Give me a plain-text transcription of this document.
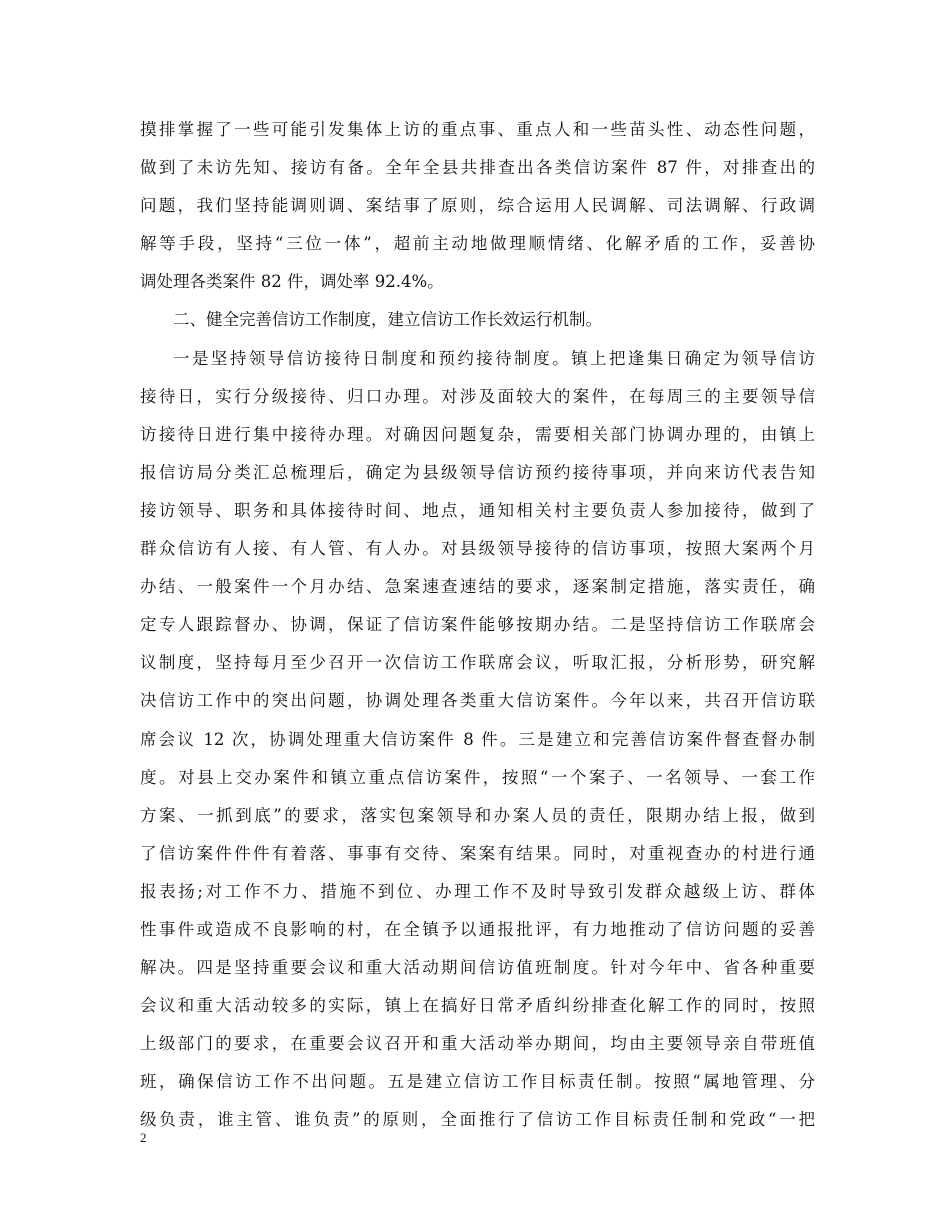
摸排掌握了一些可能引发集体上访的重点事、重点人和一些苗头性、动态性问题，
做到了未访先知、接访有备。全年全县共排查出各类信访案件 87 件，对排查出的
问题，我们坚持能调则调、案结事了原则，综合运用人民调解、司法调解、行政调
解等手段，坚持“三位一体”，超前主动地做理顺情绪、化解矛盾的工作，妥善协
调处理各类案件 82 件，调处率 92.4%。
二、健全完善信访工作制度，建立信访工作长效运行机制。
一是坚持领导信访接待日制度和预约接待制度。镇上把逢集日确定为领导信访
接待日，实行分级接待、归口办理。对涉及面较大的案件，在每周三的主要领导信
访接待日进行集中接待办理。对确因问题复杂，需要相关部门协调办理的，由镇上
报信访局分类汇总梳理后，确定为县级领导信访预约接待事项，并向来访代表告知
接访领导、职务和具体接待时间、地点，通知相关村主要负责人参加接待，做到了
群众信访有人接、有人管、有人办。对县级领导接待的信访事项，按照大案两个月
办结、一般案件一个月办结、急案速查速结的要求，逐案制定措施，落实责任，确
定专人跟踪督办、协调，保证了信访案件能够按期办结。二是坚持信访工作联席会
议制度，坚持每月至少召开一次信访工作联席会议，听取汇报，分析形势，研究解
决信访工作中的突出问题，协调处理各类重大信访案件。今年以来，共召开信访联
席会议 12 次，协调处理重大信访案件 8 件。三是建立和完善信访案件督查督办制
度。对县上交办案件和镇立重点信访案件，按照“一个案子、一名领导、一套工作
方案、一抓到底”的要求，落实包案领导和办案人员的责任，限期办结上报，做到
了信访案件件件有着落、事事有交待、案案有结果。同时，对重视查办的村进行通
报表扬;对工作不力、措施不到位、办理工作不及时导致引发群众越级上访、群体
性事件或造成不良影响的村，在全镇予以通报批评，有力地推动了信访问题的妥善
解决。四是坚持重要会议和重大活动期间信访值班制度。针对今年中、省各种重要
会议和重大活动较多的实际，镇上在搞好日常矛盾纠纷排查化解工作的同时，按照
上级部门的要求，在重要会议召开和重大活动举办期间，均由主要领导亲自带班值
班，确保信访工作不出问题。五是建立信访工作目标责任制。按照“属地管理、分
级负责，谁主管、谁负责”的原则，全面推行了信访工作目标责任制和党政“一把
2
